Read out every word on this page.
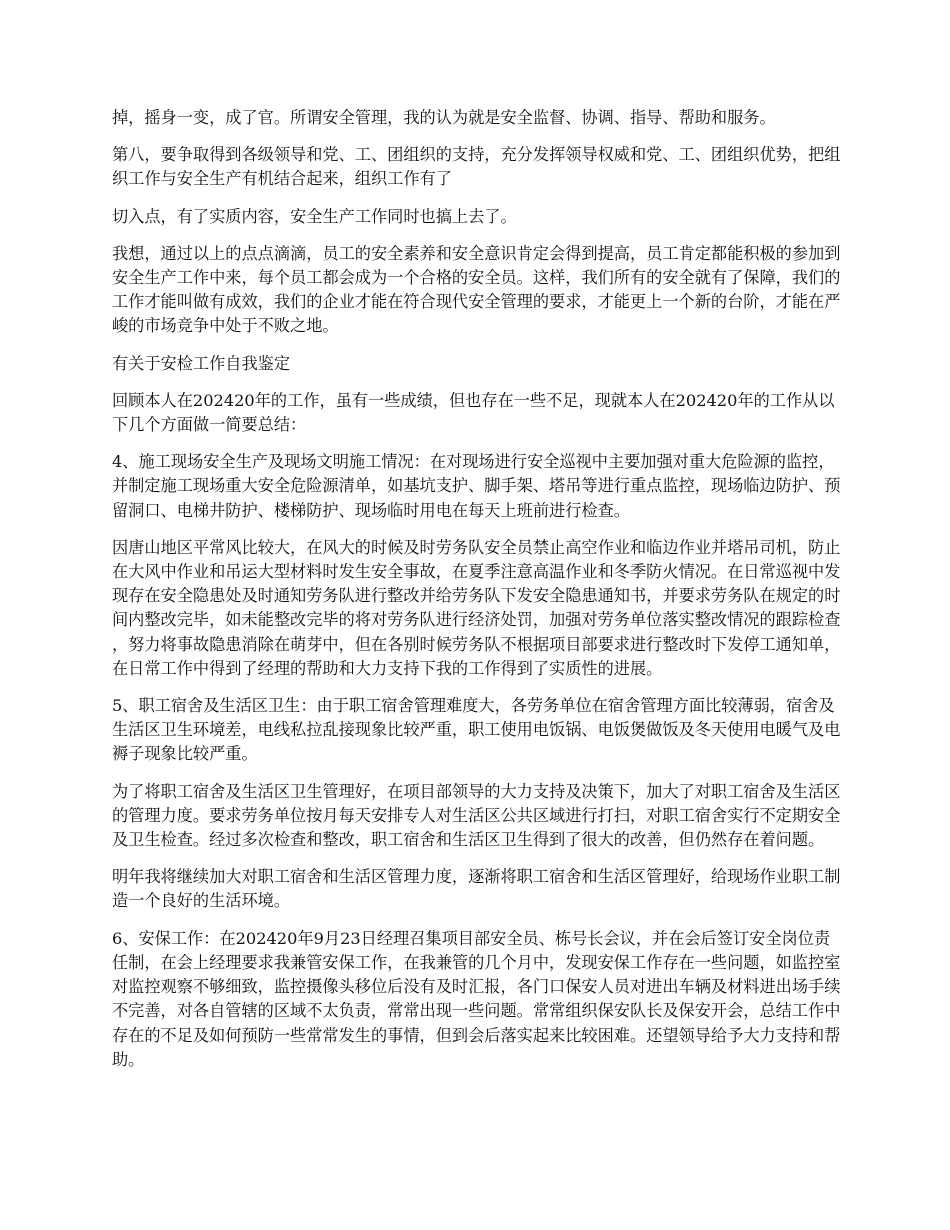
掉，摇身一变，成了官。所谓安全管理，我的认为就是安全监督、协调、指导、帮助和服务。

第八，要争取得到各级领导和党、工、团组织的支持，充分发挥领导权威和党、工、团组织优势，把组织工作与安全生产有机结合起来，组织工作有了

切入点，有了实质内容，安全生产工作同时也搞上去了。

我想，通过以上的点点滴滴，员工的安全素养和安全意识肯定会得到提高，员工肯定都能积极的参加到安全生产工作中来，每个员工都会成为一个合格的安全员。这样，我们所有的安全就有了保障，我们的工作才能叫做有成效，我们的企业才能在符合现代安全管理的要求，才能更上一个新的台阶，才能在严峻的市场竞争中处于不败之地。

有关于安检工作自我鉴定

回顾本人在202420年的工作，虽有一些成绩，但也存在一些不足，现就本人在202420年的工作从以下几个方面做一简要总结：

4、施工现场安全生产及现场文明施工情况：在对现场进行安全巡视中主要加强对重大危险源的监控，并制定施工现场重大安全危险源清单，如基坑支护、脚手架、塔吊等进行重点监控，现场临边防护、预留洞口、电梯井防护、楼梯防护、现场临时用电在每天上班前进行检查。

因唐山地区平常风比较大，在风大的时候及时劳务队安全员禁止高空作业和临边作业并塔吊司机，防止在大风中作业和吊运大型材料时发生安全事故，在夏季注意高温作业和冬季防火情况。在日常巡视中发现存在安全隐患处及时通知劳务队进行整改并给劳务队下发安全隐患通知书，并要求劳务队在规定的时间内整改完毕，如未能整改完毕的将对劳务队进行经济处罚，加强对劳务单位落实整改情况的跟踪检查，努力将事故隐患消除在萌芽中，但在各别时候劳务队不根据项目部要求进行整改时下发停工通知单，在日常工作中得到了经理的帮助和大力支持下我的工作得到了实质性的进展。

5、职工宿舍及生活区卫生：由于职工宿舍管理难度大，各劳务单位在宿舍管理方面比较薄弱，宿舍及生活区卫生环境差，电线私拉乱接现象比较严重，职工使用电饭锅、电饭煲做饭及冬天使用电暖气及电褥子现象比较严重。

为了将职工宿舍及生活区卫生管理好，在项目部领导的大力支持及决策下，加大了对职工宿舍及生活区的管理力度。要求劳务单位按月每天安排专人对生活区公共区域进行打扫，对职工宿舍实行不定期安全及卫生检查。经过多次检查和整改，职工宿舍和生活区卫生得到了很大的改善，但仍然存在着问题。

明年我将继续加大对职工宿舍和生活区管理力度，逐渐将职工宿舍和生活区管理好，给现场作业职工制造一个良好的生活环境。

6、安保工作：在202420年9月23日经理召集项目部安全员、栋号长会议，并在会后签订安全岗位责任制，在会上经理要求我兼管安保工作，在我兼管的几个月中，发现安保工作存在一些问题，如监控室对监控观察不够细致，监控摄像头移位后没有及时汇报，各门口保安人员对进出车辆及材料进出场手续不完善，对各自管辖的区域不太负责，常常出现一些问题。常常组织保安队长及保安开会，总结工作中存在的不足及如何预防一些常常发生的事情，但到会后落实起来比较困难。还望领导给予大力支持和帮助。
